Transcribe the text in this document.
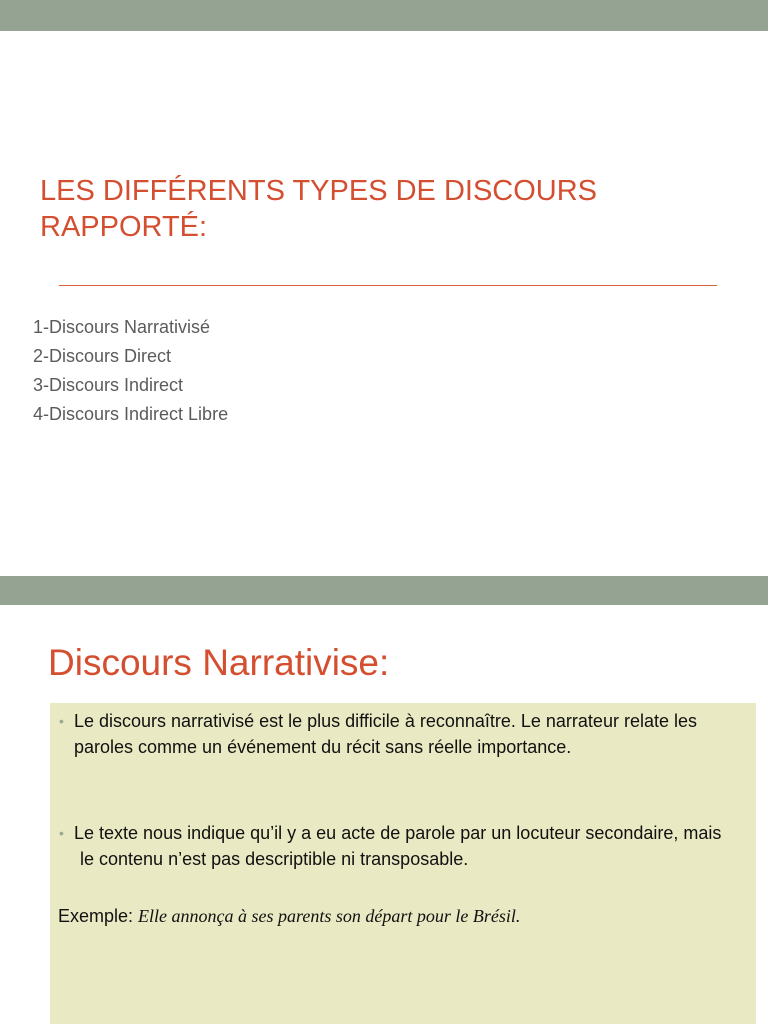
LES DIFFÉRENTS TYPES DE DISCOURS RAPPORTÉ:
1-Discours Narrativisé
2-Discours Direct
3-Discours Indirect
4-Discours Indirect Libre
Discours Narrativise:
• Le discours narrativisé est le plus difficile à reconnaître. Le narrateur relate les paroles comme un événement du récit sans réelle importance.
• Le texte nous indique qu’il y a eu acte de parole par un locuteur secondaire, mais le contenu n’est pas descriptible ni transposable.
Exemple: Elle annonça à ses parents son départ pour le Brésil.
